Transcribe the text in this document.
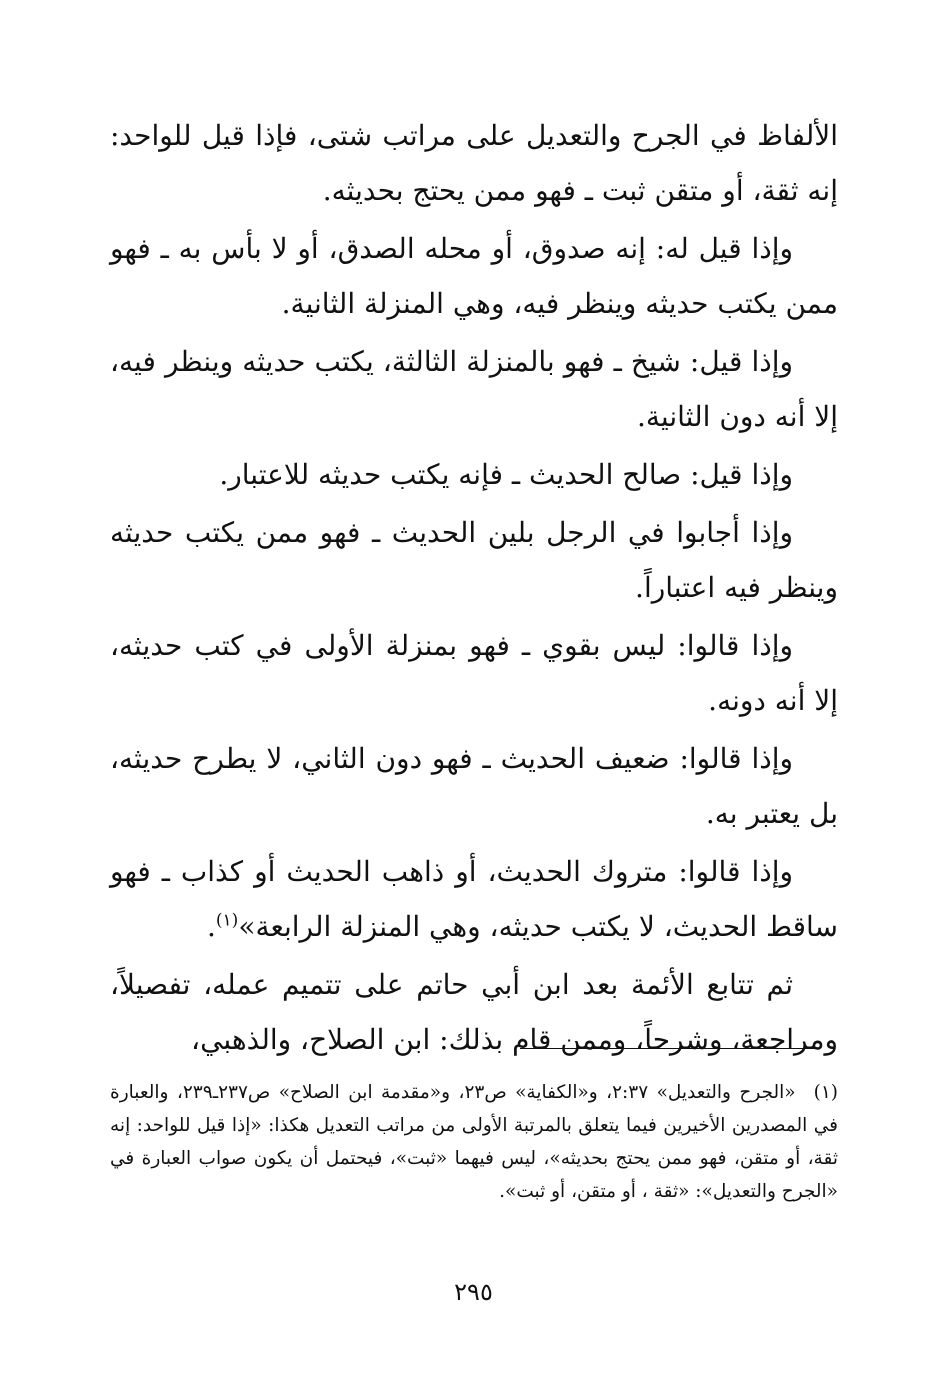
الألفاظ في الجرح والتعديل على مراتب شتى، فإذا قيل للواحد: إنه ثقة، أو متقن ثبت ـ فهو ممن يحتج بحديثه.

وإذا قيل له: إنه صدوق، أو محله الصدق، أو لا بأس به ـ فهو ممن يكتب حديثه وينظر فيه، وهي المنزلة الثانية.

وإذا قيل: شيخ ـ فهو بالمنزلة الثالثة، يكتب حديثه وينظر فيه، إلا أنه دون الثانية.

وإذا قيل: صالح الحديث ـ فإنه يكتب حديثه للاعتبار.

وإذا أجابوا في الرجل بلين الحديث ـ فهو ممن يكتب حديثه وينظر فيه اعتباراً.

وإذا قالوا: ليس بقوي ـ فهو بمنزلة الأولى في كتب حديثه، إلا أنه دونه.

وإذا قالوا: ضعيف الحديث ـ فهو دون الثاني، لا يطرح حديثه، بل يعتبر به.

وإذا قالوا: متروك الحديث، أو ذاهب الحديث أو كذاب ـ فهو ساقط الحديث، لا يكتب حديثه، وهي المنزلة الرابعة»$^{(١)}$.

ثم تتابع الأئمة بعد ابن أبي حاتم على تتميم عمله، تفصيلاً، ومراجعة، وشرحاً، وممن قام بذلك: ابن الصلاح، والذهبي،

(١) «الجرح والتعديل» ٢:٣٧، و«الكفاية» ص٢٣، و«مقدمة ابن الصلاح» ص٢٣٧ـ٢٣٩، والعبارة في المصدرين الأخيرين فيما يتعلق بالمرتبة الأولى من مراتب التعديل هكذا: «إذا قيل للواحد: إنه ثقة، أو متقن، فهو ممن يحتج بحديثه»، ليس فيهما «ثبت»، فيحتمل أن يكون صواب العبارة في «الجرح والتعديل»: «ثقة ، أو متقن، أو ثبت».
٢٩٥
